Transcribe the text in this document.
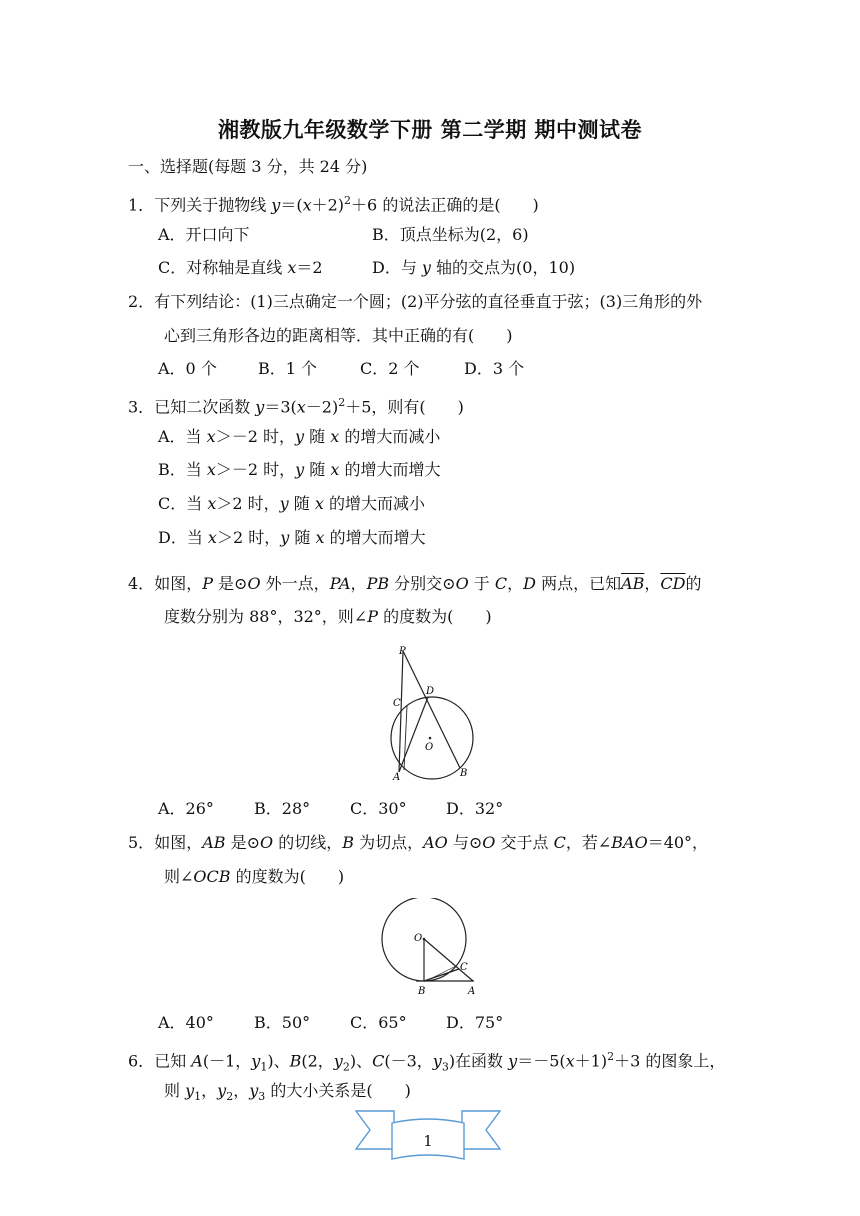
湘教版九年级数学下册 第二学期 期中测试卷
一、选择题(每题 3 分，共 24 分)
1．下列关于抛物线 $y=(x+2)^2+6$ 的说法正确的是(　　)
A．开口向下	B．顶点坐标为(2，6)
C．对称轴是直线 x＝2	D．与 y 轴的交点为(0，10)
2．有下列结论：(1)三点确定一个圆；(2)平分弦的直径垂直于弦；(3)三角形的外
心到三角形各边的距离相等．其中正确的有(　　)
A．0 个	B．1 个	C．2 个	D．3 个
3．已知二次函数 $y=3(x-2)^2+5$，则有(　　)
A．当 x＞－2 时，y 随 x 的增大而减小
B．当 x＞－2 时，y 随 x 的增大而增大
C．当 x＞2 时，y 随 x 的增大而减小
D．当 x＞2 时，y 随 x 的增大而增大
4．如图，P 是⊙O 外一点，PA，PB 分别交⊙O 于 C，D 两点，已知$\overline{AB}$，$\overline{CD}$的
度数分别为 88°，32°，则∠P 的度数为(　　)
P
C
D
O
A	B
A．26°	B．28° C．30° D．32°
5．如图，AB 是⊙O 的切线，B 为切点，AO 与⊙O 交于点 C，若∠BAO＝40°，
则∠OCB 的度数为(　　)
O
C
B	A
A．40°	B．50° C．65° D．75°
6．已知 A(－1，$y_1$)、B(2，$y_2$)、C(－3，$y_3$)在函数 $y=-5(x+1)^2+3$ 的图象上，
则 $y_1$，$y_2$，$y_3$ 的大小关系是(　　)
1
